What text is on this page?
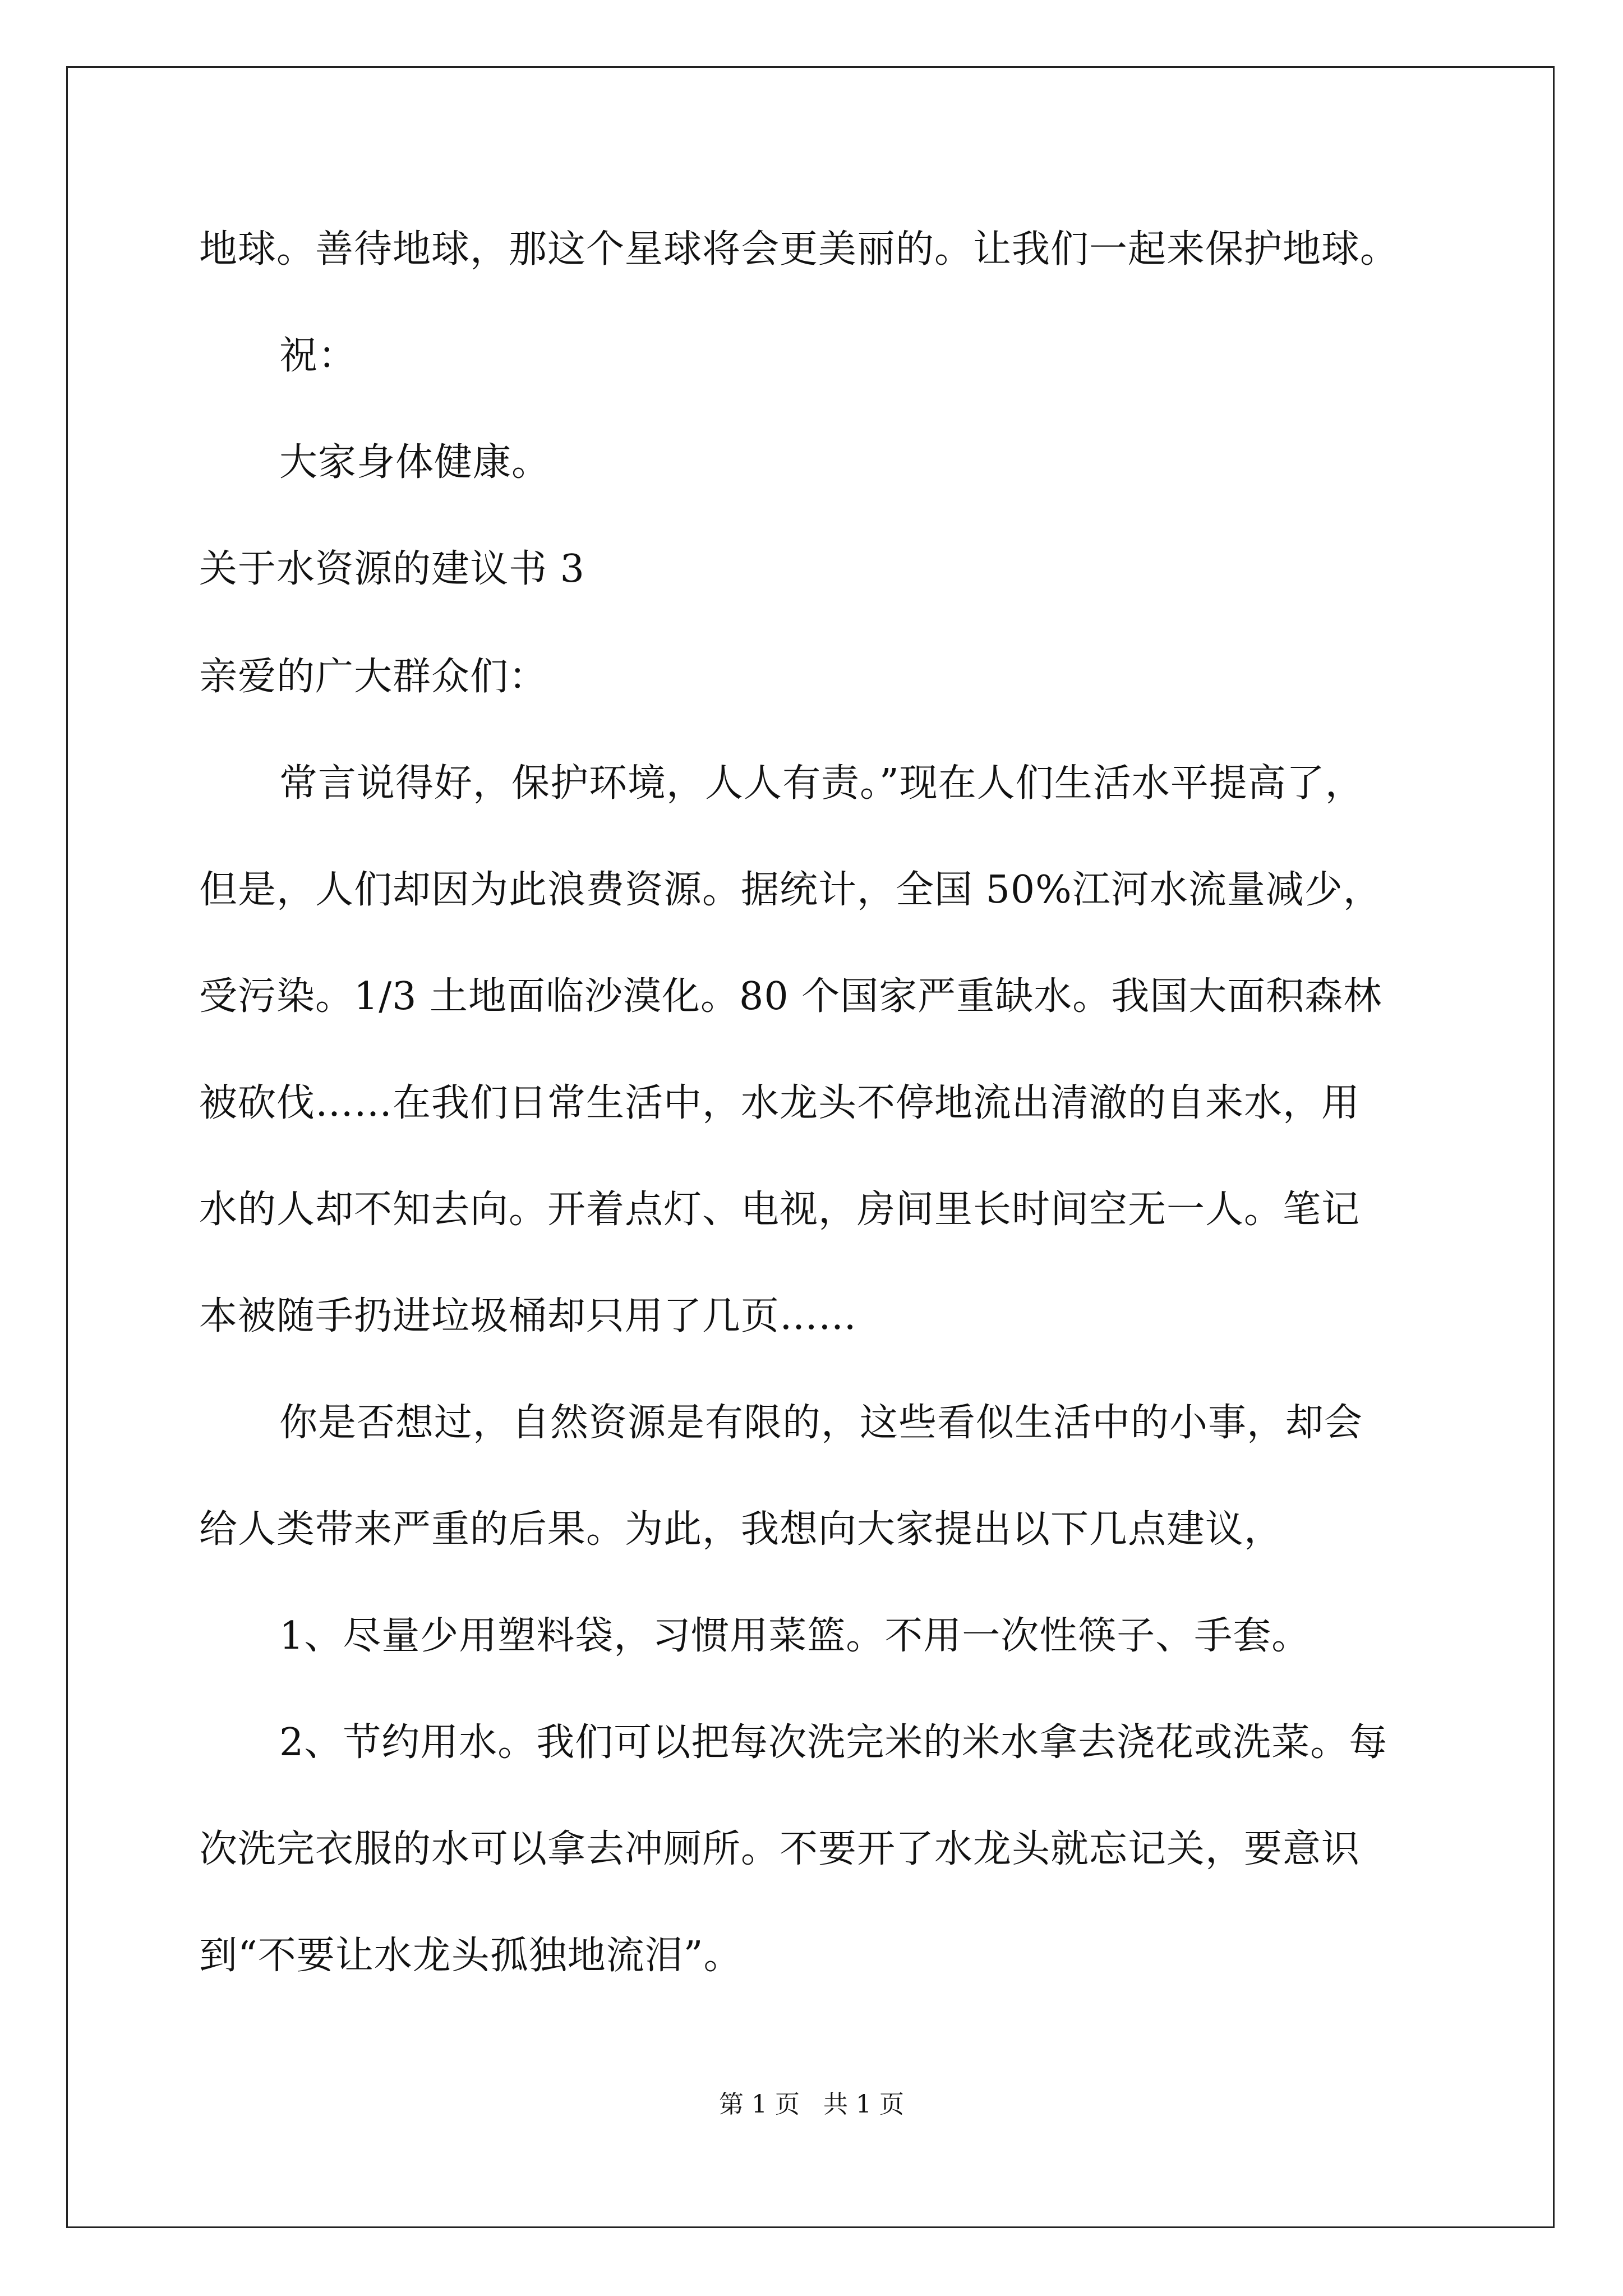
地球。善待地球，那这个星球将会更美丽的。让我们一起来保护地球。
祝：
大家身体健康。
关于水资源的建议书 3
亲爱的广大群众们：
常言说得好，保护环境，人人有责。”现在人们生活水平提高了，
但是，人们却因为此浪费资源。据统计，全国 50%江河水流量减少，
受污染。1/3 土地面临沙漠化。80 个国家严重缺水。我国大面积森林
被砍伐……在我们日常生活中，水龙头不停地流出清澈的自来水，用
水的人却不知去向。开着点灯、电视，房间里长时间空无一人。笔记
本被随手扔进垃圾桶却只用了几页……
你是否想过，自然资源是有限的，这些看似生活中的小事，却会
给人类带来严重的后果。为此，我想向大家提出以下几点建议，
1、尽量少用塑料袋，习惯用菜篮。不用一次性筷子、手套。
2、节约用水。我们可以把每次洗完米的米水拿去浇花或洗菜。每
次洗完衣服的水可以拿去冲厕所。不要开了水龙头就忘记关，要意识
到“不要让水龙头孤独地流泪”。
第 1 页   共 1 页
